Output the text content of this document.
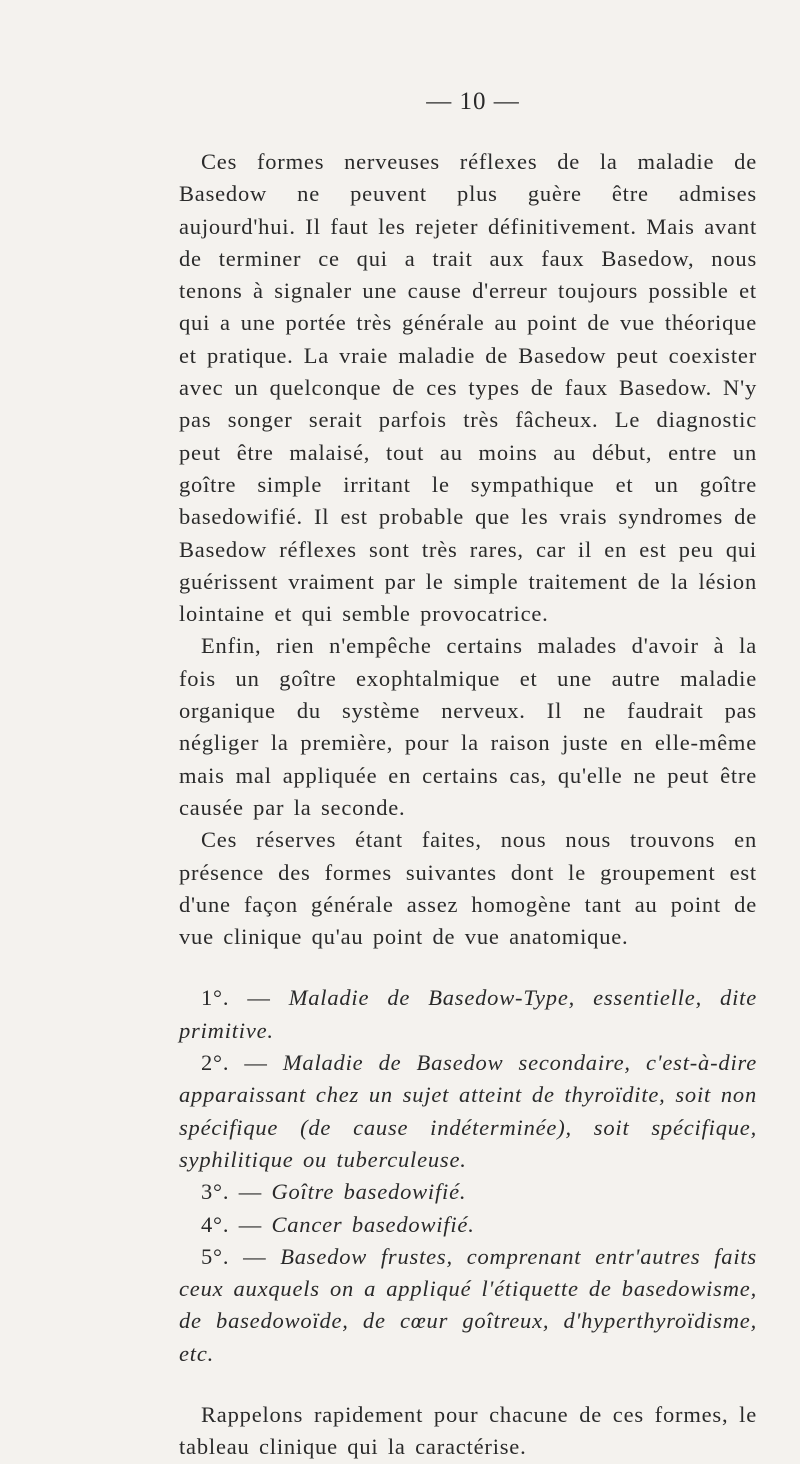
— 10 —

Ces formes nerveuses réflexes de la maladie de Basedow ne peuvent plus guère être admises aujourd'hui. Il faut les rejeter définitivement. Mais avant de terminer ce qui a trait aux faux Basedow, nous tenons à signaler une cause d'erreur toujours possible et qui a une portée très générale au point de vue théorique et pratique. La vraie maladie de Basedow peut coexister avec un quelconque de ces types de faux Basedow. N'y pas songer serait parfois très fâcheux. Le diagnostic peut être malaisé, tout au moins au début, entre un goître simple irritant le sympathique et un goître basedowifié. Il est probable que les vrais syndromes de Basedow réflexes sont très rares, car il en est peu qui guérissent vraiment par le simple traitement de la lésion lointaine et qui semble provocatrice.

Enfin, rien n'empêche certains malades d'avoir à la fois un goître exophtalmique et une autre maladie organique du système nerveux. Il ne faudrait pas négliger la première, pour la raison juste en elle-même mais mal appliquée en certains cas, qu'elle ne peut être causée par la seconde.

Ces réserves étant faites, nous nous trouvons en présence des formes suivantes dont le groupement est d'une façon générale assez homogène tant au point de vue clinique qu'au point de vue anatomique.

1°. — Maladie de Basedow-Type, essentielle, dite primitive.

2°. — Maladie de Basedow secondaire, c'est-à-dire apparaissant chez un sujet atteint de thyroïdite, soit non spécifique (de cause indéterminée), soit spécifique, syphilitique ou tuberculeuse.

3°. — Goître basedowifié.

4°. — Cancer basedowifié.

5°. — Basedow frustes, comprenant entr'autres faits ceux auxquels on a appliqué l'étiquette de basedowisme, de basedowoïde, de cœur goîtreux, d'hyperthyroïdisme, etc.

Rappelons rapidement pour chacune de ces formes, le tableau clinique qui la caractérise.
